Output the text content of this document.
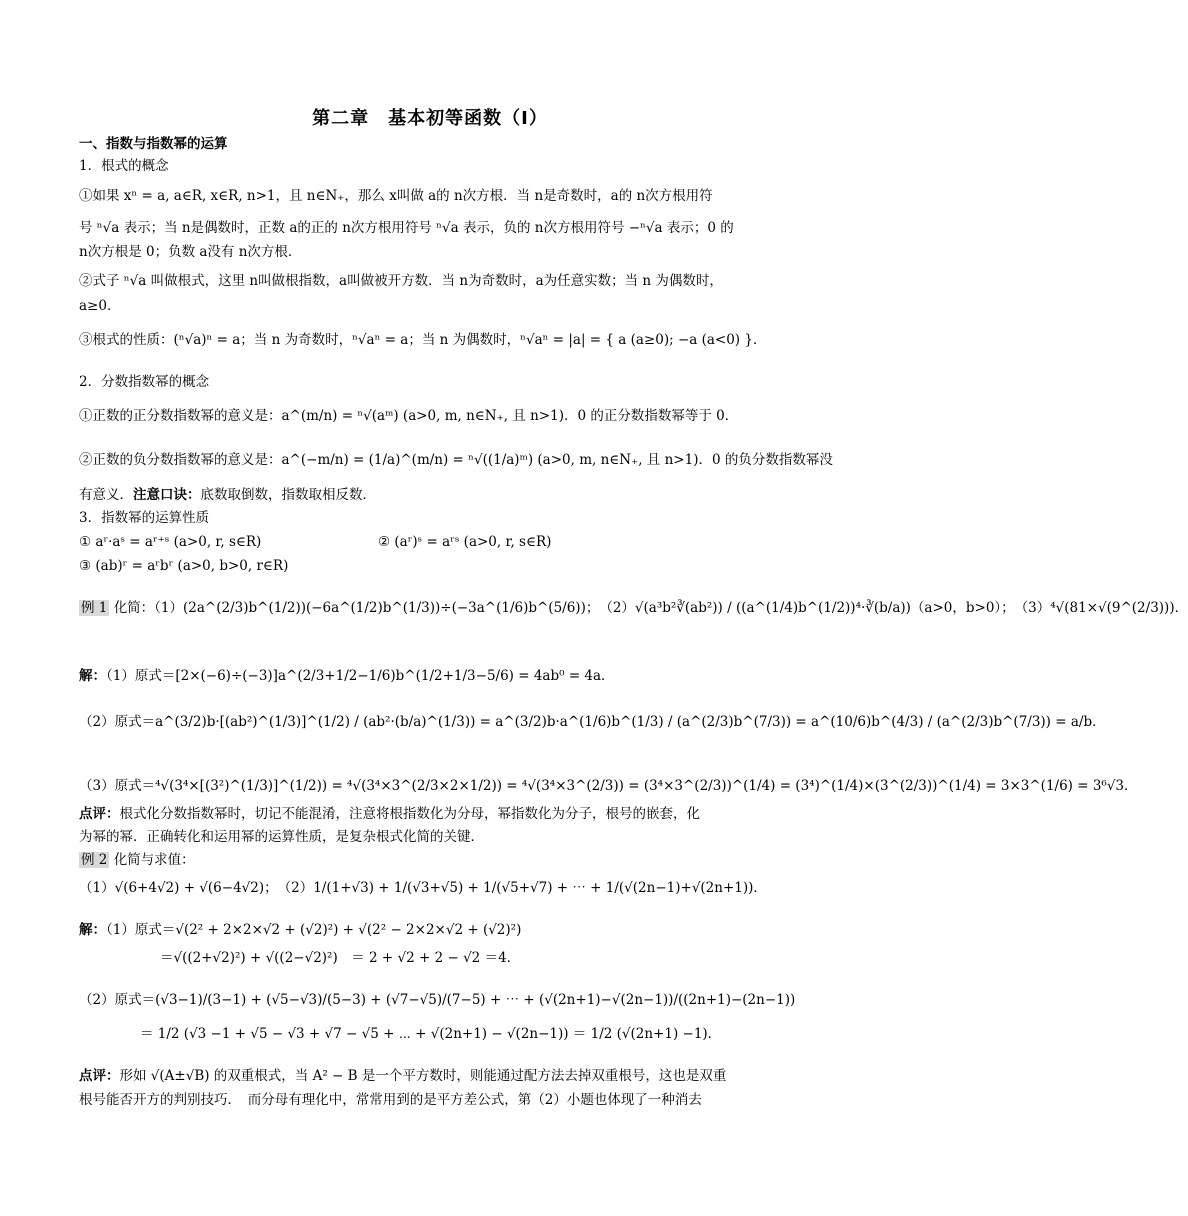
第二章　基本初等函数（Ⅰ）
一、指数与指数幂的运算
1．根式的概念
①如果 xⁿ = a, a∈R, x∈R, n>1，且 n∈N₊，那么 x叫做 a的 n次方根．当 n是奇数时，a的 n次方根用符
号 ⁿ√a 表示；当 n是偶数时，正数 a的正的 n次方根用符号 ⁿ√a 表示，负的 n次方根用符号 −ⁿ√a 表示；0 的
n次方根是 0；负数 a没有 n次方根．
②式子 ⁿ√a 叫做根式，这里 n叫做根指数，a叫做被开方数．当 n为奇数时，a为任意实数；当 n 为偶数时，
a≥0．
③根式的性质：(ⁿ√a)ⁿ = a；当 n 为奇数时，ⁿ√aⁿ = a；当 n 为偶数时，ⁿ√aⁿ = |a| = { a (a≥0); −a (a<0) }．
2．分数指数幂的概念
①正数的正分数指数幂的意义是：a^(m/n) = ⁿ√(aᵐ) (a>0, m, n∈N₊, 且 n>1)．0 的正分数指数幂等于 0．
②正数的负分数指数幂的意义是：a^(−m/n) = (1/a)^(m/n) = ⁿ√((1/a)ᵐ) (a>0, m, n∈N₊, 且 n>1)．0 的负分数指数幂没
有意义．注意口诀：底数取倒数，指数取相反数．
3．指数幂的运算性质
① aʳ·aˢ = aʳ⁺ˢ (a>0, r, s∈R)	② (aʳ)ˢ = aʳˢ (a>0, r, s∈R)
③ (ab)ʳ = aʳbʳ (a>0, b>0, r∈R)
例 1 化简：（1）(2a^(2/3)b^(1/2))(−6a^(1/2)b^(1/3))÷(−3a^(1/6)b^(5/6))；　（2）√(a³b²∛(ab²)) / ((a^(1/4)b^(1/2))⁴·∛(b/a))（a>0，b>0）；　（3）⁴√(81×√(9^(2/3)))．
解：（1）原式＝[2×(−6)÷(−3)]a^(2/3+1/2−1/6)b^(1/2+1/3−5/6) = 4ab⁰ = 4a．
（2）原式＝a^(3/2)b·[(ab²)^(1/3)]^(1/2) / (ab²·(b/a)^(1/3)) = a^(3/2)b·a^(1/6)b^(1/3) / (a^(2/3)b^(7/3)) = a^(10/6)b^(4/3) / (a^(2/3)b^(7/3)) = a/b．
（3）原式＝⁴√(3⁴×[(3²)^(1/3)]^(1/2)) = ⁴√(3⁴×3^(2/3×2×1/2)) = ⁴√(3⁴×3^(2/3)) = (3⁴×3^(2/3))^(1/4) = (3⁴)^(1/4)×(3^(2/3))^(1/4) = 3×3^(1/6) = 3⁶√3．
点评：根式化分数指数幂时，切记不能混淆，注意将根指数化为分母，幂指数化为分子，根号的嵌套，化
为幂的幂．正确转化和运用幂的运算性质，是复杂根式化简的关键．
例 2 化简与求值：
（1）√(6+4√2) + √(6−4√2)；　（2）1/(1+√3) + 1/(√3+√5) + 1/(√5+√7) + ⋯ + 1/(√(2n−1)+√(2n+1))．
解：（1）原式＝√(2² + 2×2×√2 + (√2)²) + √(2² − 2×2×√2 + (√2)²)
＝√((2+√2)²) + √((2−√2)²)　＝ 2 + √2 + 2 − √2 ＝4．
（2）原式＝(√3−1)/(3−1) + (√5−√3)/(5−3) + (√7−√5)/(7−5) + ⋯ + (√(2n+1)−√(2n−1))/((2n+1)−(2n−1))
＝ 1/2 (√3 −1 + √5 − √3 + √7 − √5 + ⋯ + √(2n+1) − √(2n−1)) ＝ 1/2 (√(2n+1) −1)．
点评：形如 √(A±√B) 的双重根式，当 A² − B 是一个平方数时，则能通过配方法去掉双重根号，这也是双重
根号能否开方的判别技巧．　而分母有理化中，常常用到的是平方差公式，第（2）小题也体现了一种消去
